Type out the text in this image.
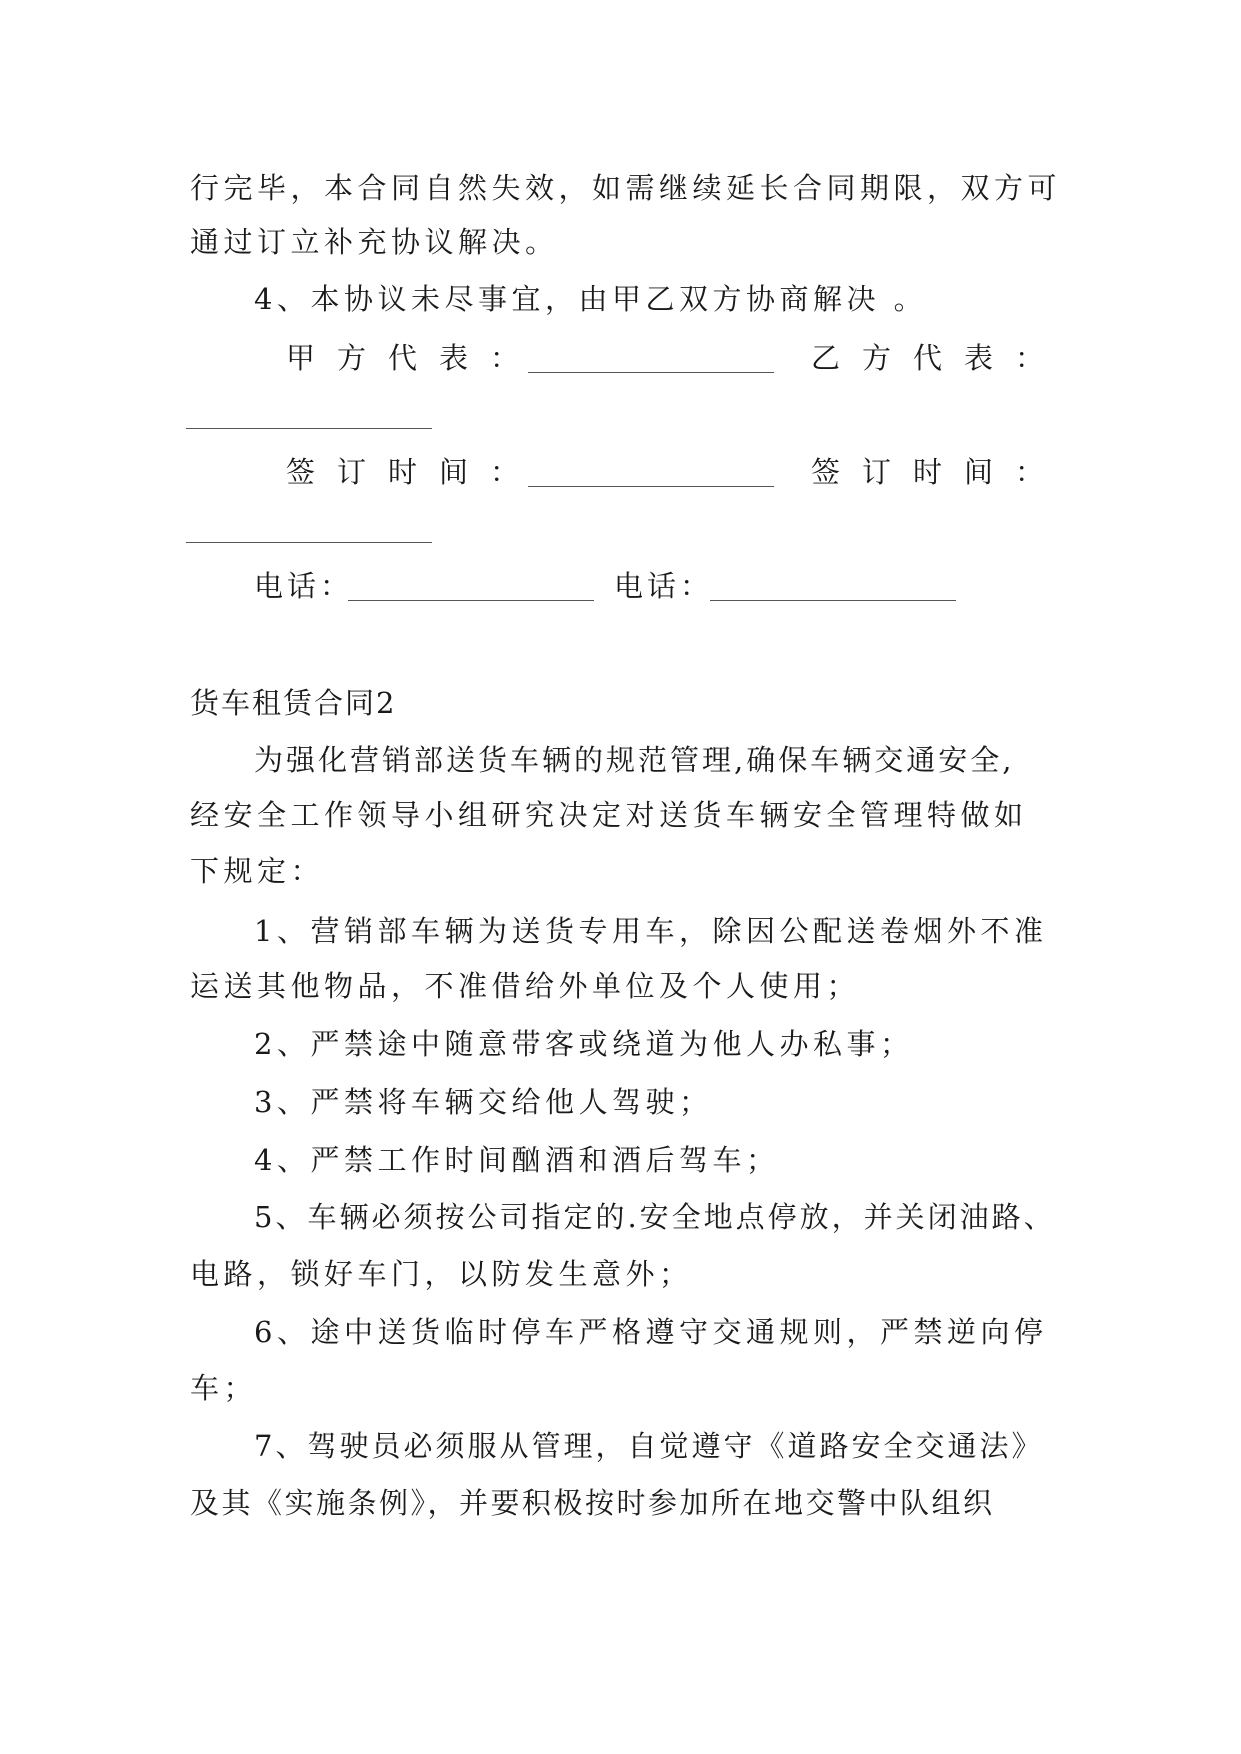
行完毕，本合同自然失效，如需继续延长合同期限，双方可
通过订立补充协议解决。
4、本协议未尽事宜，由甲乙双方协商解决 。
甲方代表：	乙方代表：
签订时间：	签订时间：
电话：	电话：
货车租赁合同2
为强化营销部送货车辆的规范管理,确保车辆交通安全,
经安全工作领导小组研究决定对送货车辆安全管理特做如
下规定：
1、营销部车辆为送货专用车，除因公配送卷烟外不准
运送其他物品，不准借给外单位及个人使用；
2、严禁途中随意带客或绕道为他人办私事；
3、严禁将车辆交给他人驾驶；
4、严禁工作时间酗酒和酒后驾车；
5、车辆必须按公司指定的.安全地点停放，并关闭油路、
电路，锁好车门，以防发生意外；
6、途中送货临时停车严格遵守交通规则，严禁逆向停
车；
7、驾驶员必须服从管理，自觉遵守《道路安全交通法》
及其《实施条例》，并要积极按时参加所在地交警中队组织
